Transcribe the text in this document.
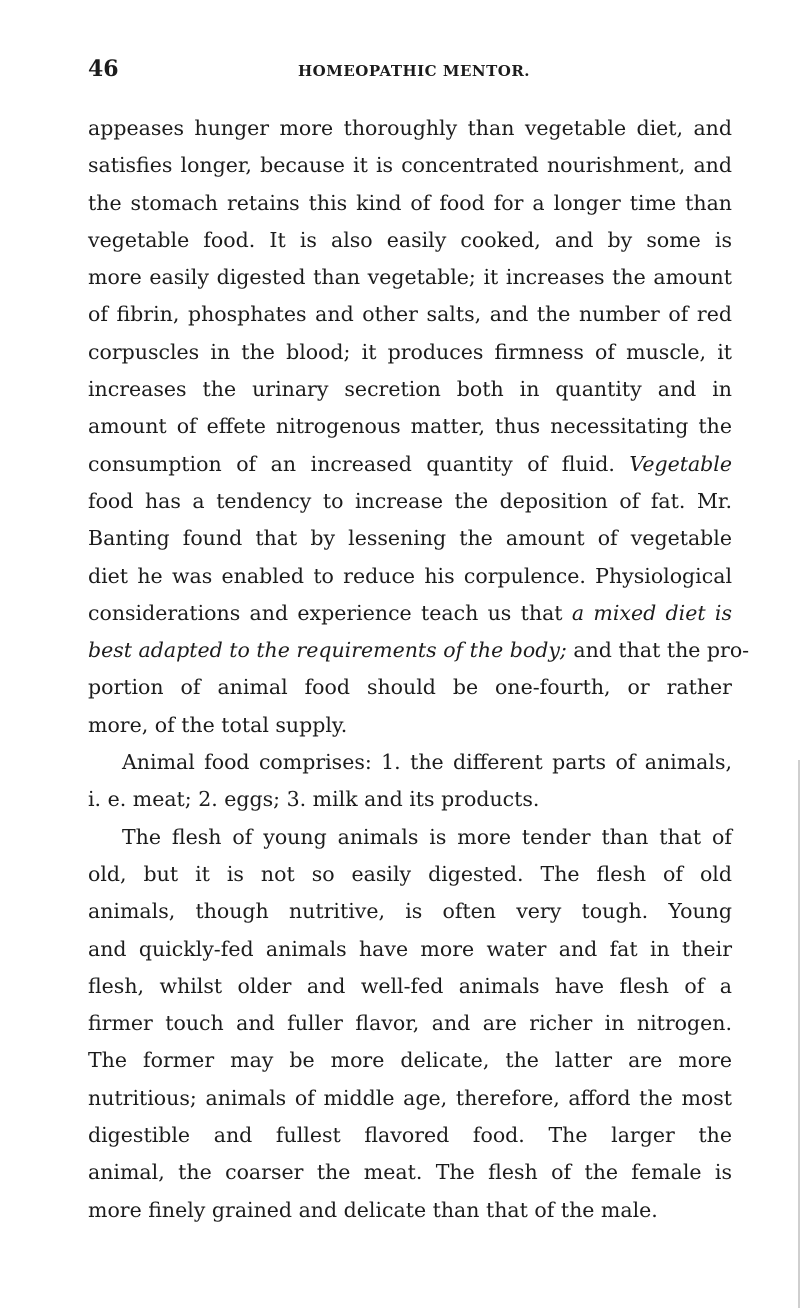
46	HOMEOPATHIC MENTOR.
appeases hunger more thoroughly than vegetable diet, and
satisfies longer, because it is concentrated nourishment, and
the stomach retains this kind of food for a longer time than
vegetable food. It is also easily cooked, and by some is
more easily digested than vegetable; it increases the amount
of fibrin, phosphates and other salts, and the number of red
corpuscles in the blood; it produces firmness of muscle, it
increases the urinary secretion both in quantity and in
amount of effete nitrogenous matter, thus necessitating the
consumption of an increased quantity of fluid. Vegetable
food has a tendency to increase the deposition of fat. Mr.
Banting found that by lessening the amount of vegetable
diet he was enabled to reduce his corpulence. Physiological
considerations and experience teach us that a mixed diet is
best adapted to the requirements of the body; and that the pro-
portion of animal food should be one-fourth, or rather
more, of the total supply.
Animal food comprises: 1. the different parts of animals,
i. e. meat; 2. eggs; 3. milk and its products.
The flesh of young animals is more tender than that of
old, but it is not so easily digested. The flesh of old
animals, though nutritive, is often very tough. Young
and quickly-fed animals have more water and fat in their
flesh, whilst older and well-fed animals have flesh of a
firmer touch and fuller flavor, and are richer in nitrogen.
The former may be more delicate, the latter are more
nutritious; animals of middle age, therefore, afford the most
digestible and fullest flavored food. The larger the
animal, the coarser the meat. The flesh of the female is
more finely grained and delicate than that of the male.
